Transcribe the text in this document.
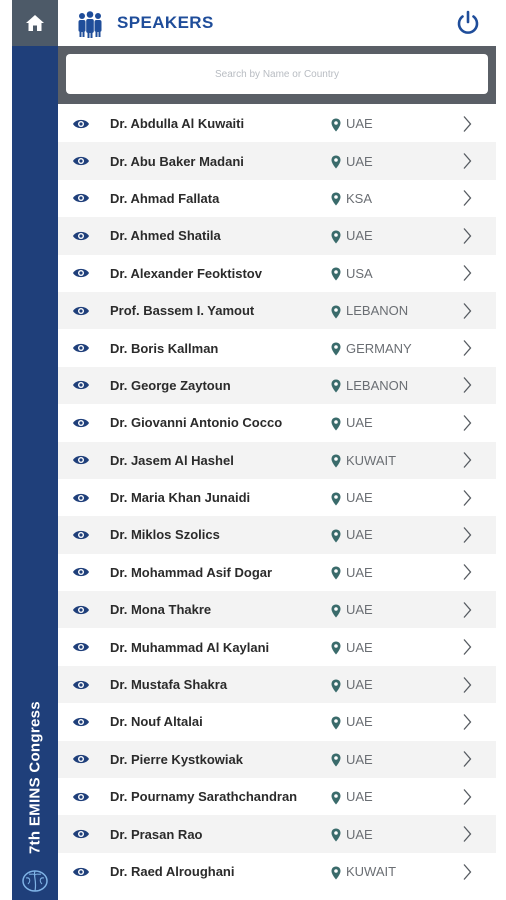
7th EMINS Congress
SPEAKERS
Search by Name or Country
Dr. Abdulla Al Kuwaiti	UAE
Dr. Abu Baker Madani	UAE
Dr. Ahmad Fallata	KSA
Dr. Ahmed Shatila	UAE
Dr. Alexander Feoktistov	USA
Prof. Bassem I. Yamout	LEBANON
Dr. Boris Kallman	GERMANY
Dr. George Zaytoun	LEBANON
Dr. Giovanni Antonio Cocco	UAE
Dr. Jasem Al Hashel	KUWAIT
Dr. Maria Khan Junaidi	UAE
Dr. Miklos Szolics	UAE
Dr. Mohammad Asif Dogar	UAE
Dr. Mona Thakre	UAE
Dr. Muhammad Al Kaylani	UAE
Dr. Mustafa Shakra	UAE
Dr. Nouf Altalai	UAE
Dr. Pierre Kystkowiak	UAE
Dr. Pournamy Sarathchandran	UAE
Dr. Prasan Rao	UAE
Dr. Raed Alroughani	KUWAIT
